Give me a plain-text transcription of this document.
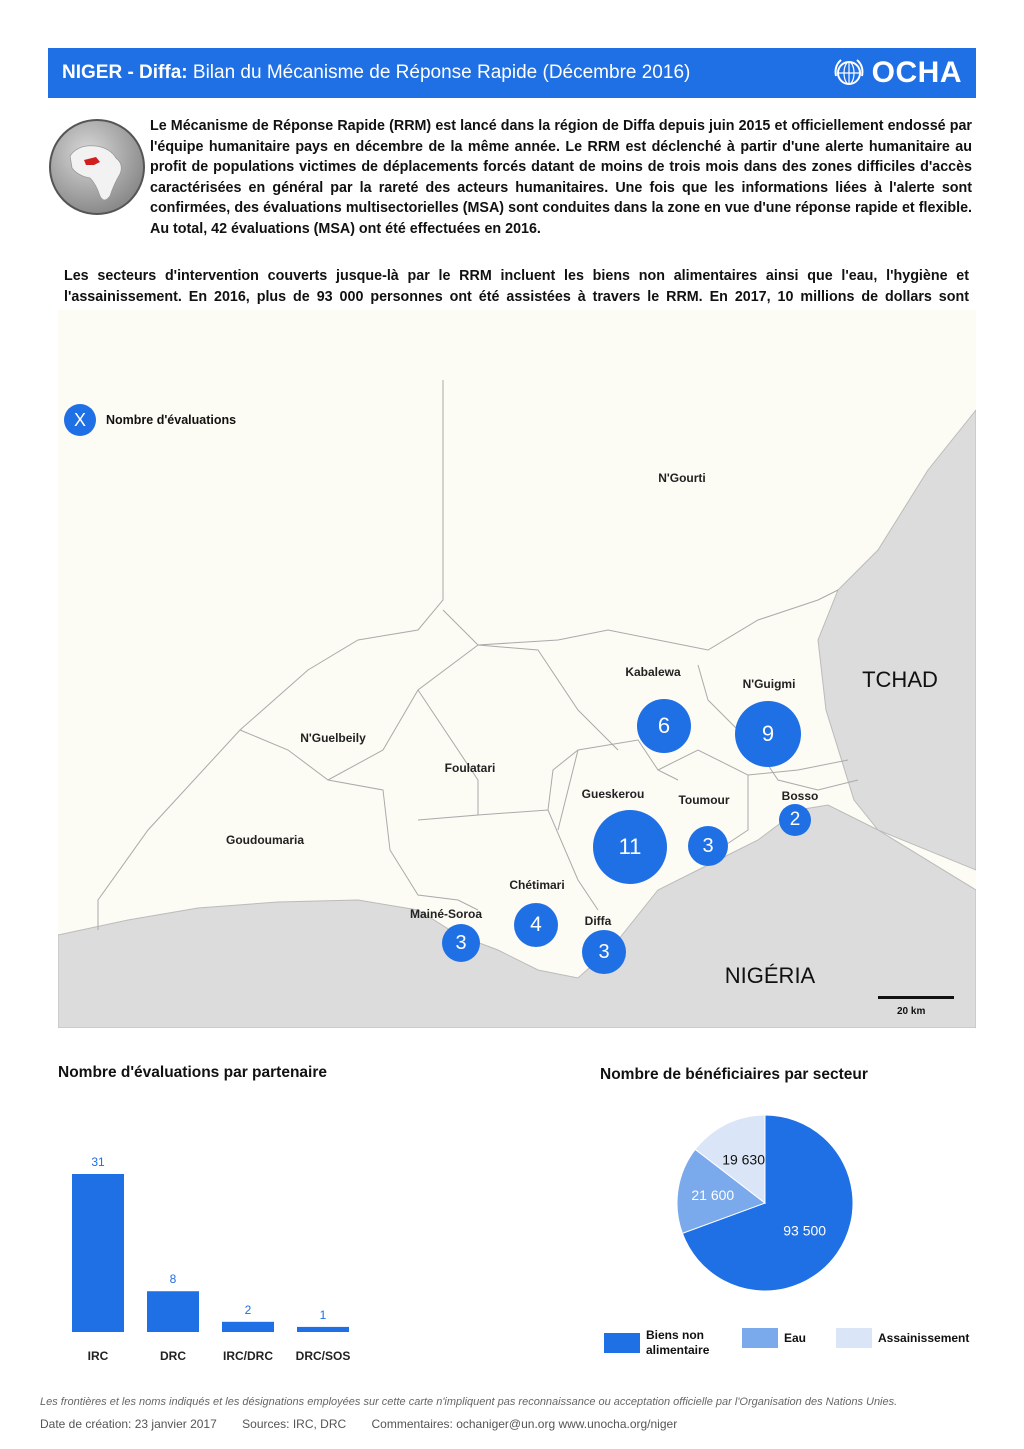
NIGER - Diffa: Bilan du Mécanisme de Réponse Rapide (Décembre 2016)	OCHA
Le Mécanisme de Réponse Rapide (RRM) est lancé dans la région de Diffa depuis juin 2015 et officiellement endossé par l'équipe humanitaire pays en décembre de la même année. Le RRM est déclenché à partir d'une alerte humanitaire au profit de populations victimes de déplacements forcés datant de moins de trois mois dans des zones difficiles d'accès caractérisées en général par la rareté des acteurs humanitaires. Une fois que les informations liées à l'alerte sont confirmées, des évaluations multisectorielles (MSA) sont conduites dans la zone en vue d'une réponse rapide et flexible. Au total, 42 évaluations (MSA) ont été effectuées en 2016.
Les secteurs d'intervention couverts jusque-là par le RRM incluent les biens non alimentaires ainsi que l'eau, l'hygiène et l'assainissement. En 2016, plus de 93 000 personnes ont été assistées à travers le RRM. En 2017, 10 millions de dollars sont
N'Gourti
Kabalewa
N'Guigmi
N'Guelbeily
Foulatari
Goudoumaria
Gueskerou	Toumour	Bosso
Chétimari
Mainé-Soroa	Diffa
TCHAD
NIGÉRIA
6	9
11	3
2
4
3	3
X	Nombre d'évaluations
20 km
Nombre d'évaluations par partenaire
31
IRC
8
DRC
2
IRC/DRC
1
DRC/SOS
Nombre de bénéficiaires par secteur
93 500
21 600
19 630
Biens non alimentaire
Eau	Assainissement
Les frontières et les noms indiqués et les désignations employées sur cette carte n'impliquent pas reconnaissance ou acceptation officielle par l'Organisation des Nations Unies.
Date de création: 23 janvier 2017 Sources: IRC, DRC Commentaires: ochaniger@un.org www.unocha.org/niger
